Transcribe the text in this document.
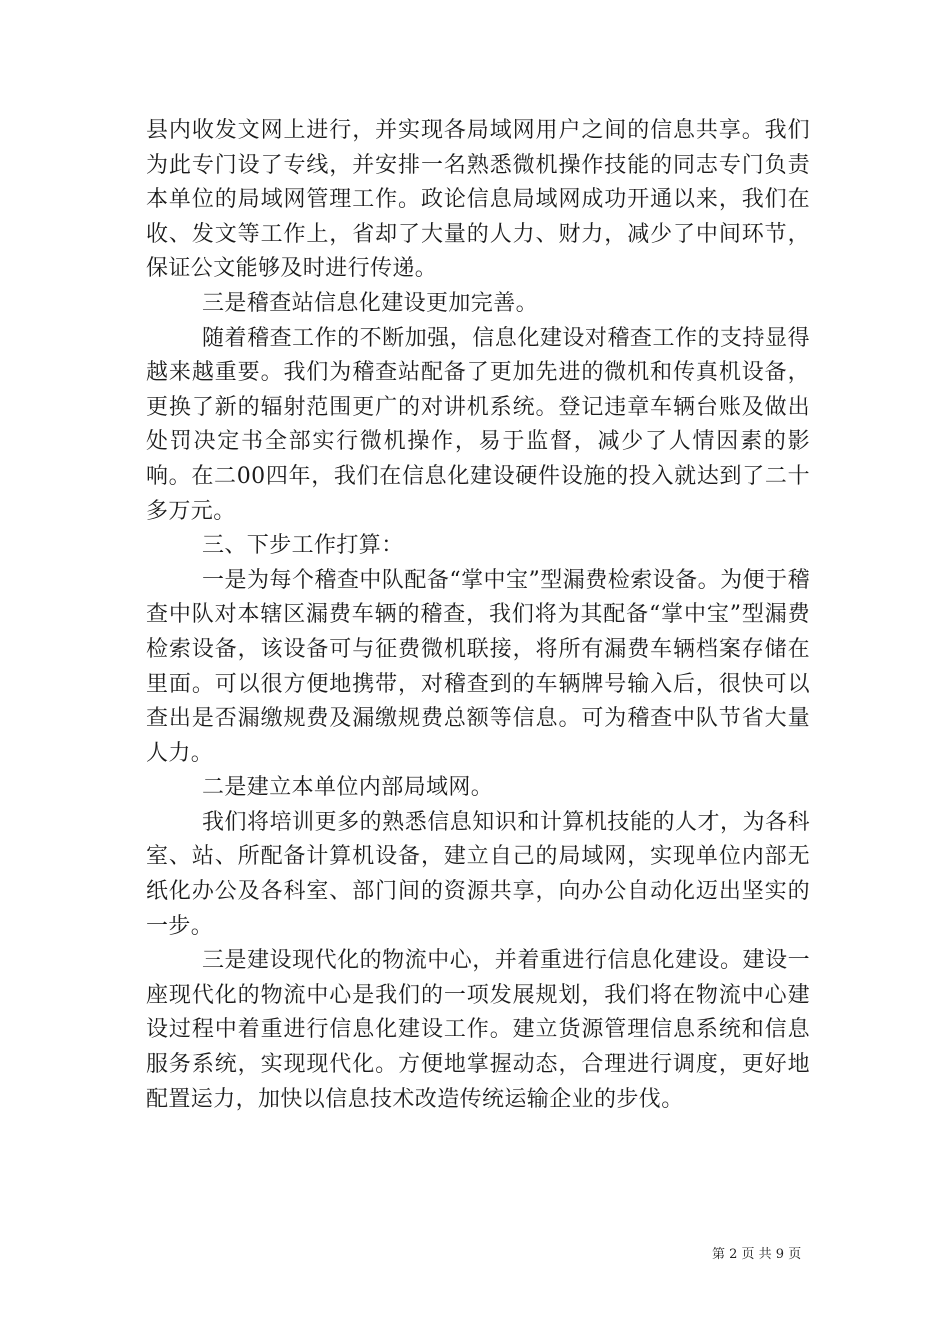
县内收发文网上进行，并实现各局域网用户之间的信息共享。我们为此专门设了专线，并安排一名熟悉微机操作技能的同志专门负责本单位的局域网管理工作。政论信息局域网成功开通以来，我们在收、发文等工作上，省却了大量的人力、财力，减少了中间环节，保证公文能够及时进行传递。

三是稽查站信息化建设更加完善。

随着稽查工作的不断加强，信息化建设对稽查工作的支持显得越来越重要。我们为稽查站配备了更加先进的微机和传真机设备，更换了新的辐射范围更广的对讲机系统。登记违章车辆台账及做出处罚决定书全部实行微机操作，易于监督，减少了人情因素的影响。在二00四年，我们在信息化建设硬件设施的投入就达到了二十多万元。

三、下步工作打算：

一是为每个稽查中队配备“掌中宝”型漏费检索设备。为便于稽查中队对本辖区漏费车辆的稽查，我们将为其配备“掌中宝”型漏费检索设备，该设备可与征费微机联接，将所有漏费车辆档案存储在里面。可以很方便地携带，对稽查到的车辆牌号输入后，很快可以查出是否漏缴规费及漏缴规费总额等信息。可为稽查中队节省大量人力。

二是建立本单位内部局域网。

我们将培训更多的熟悉信息知识和计算机技能的人才，为各科室、站、所配备计算机设备，建立自己的局域网，实现单位内部无纸化办公及各科室、部门间的资源共享，向办公自动化迈出坚实的一步。

三是建设现代化的物流中心，并着重进行信息化建设。建设一座现代化的物流中心是我们的一项发展规划，我们将在物流中心建设过程中着重进行信息化建设工作。建立货源管理信息系统和信息服务系统，实现现代化。方便地掌握动态，合理进行调度，更好地配置运力，加快以信息技术改造传统运输企业的步伐。

第 2 页 共 9 页
